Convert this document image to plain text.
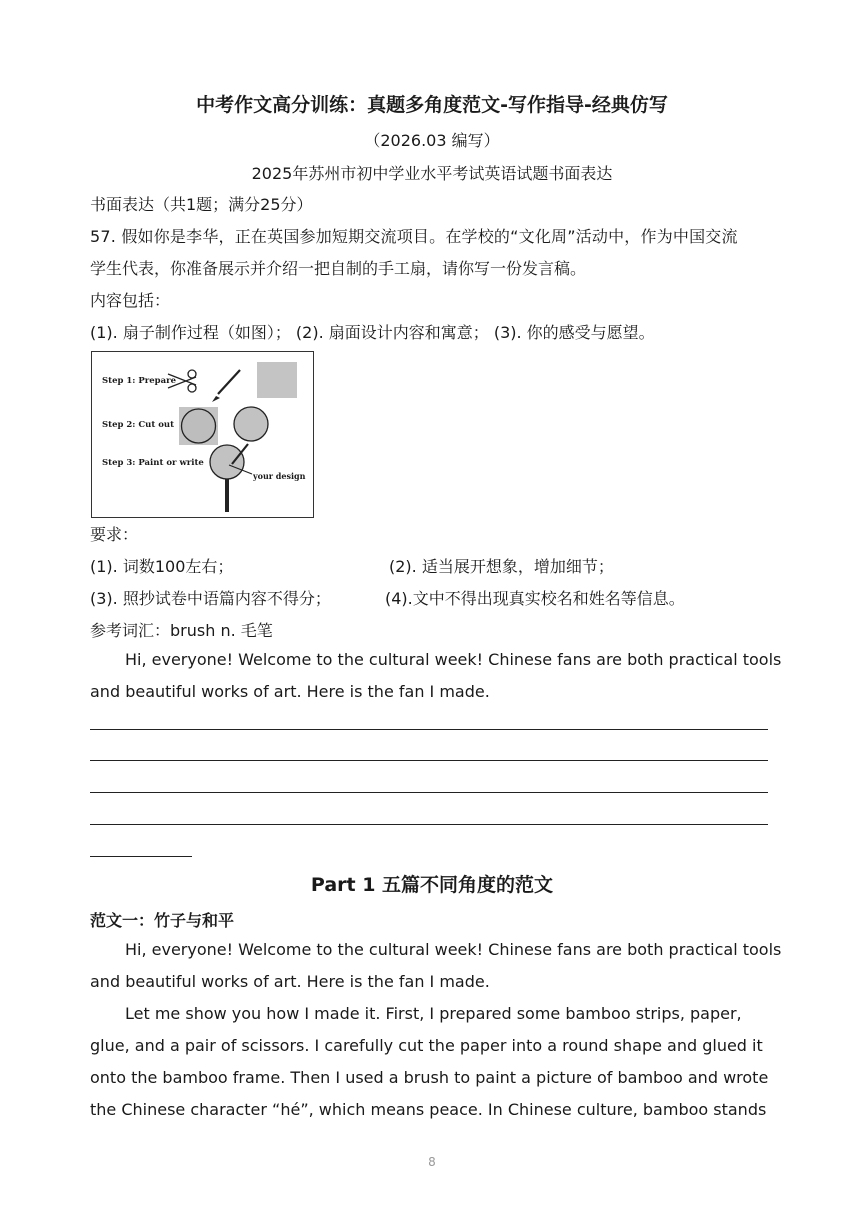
中考作文高分训练：真题多角度范文-写作指导-经典仿写
（2026.03 编写）
2025年苏州市初中学业水平考试英语试题书面表达
书面表达（共1题；满分25分）
57. 假如你是李华，正在英国参加短期交流项目。在学校的“文化周”活动中，作为中国交流
学生代表，你准备展示并介绍一把自制的手工扇，请你写一份发言稿。
内容包括：
(1). 扇子制作过程（如图）； (2). 扇面设计内容和寓意； (3). 你的感受与愿望。
Step 1: Prepare
Step 2: Cut out
Step 3: Paint or write
your design
要求：
(1). 词数100左右；	(2). 适当展开想象，增加细节；
(3). 照抄试卷中语篇内容不得分；	(4).文中不得出现真实校名和姓名等信息。
参考词汇：brush n. 毛笔
Hi, everyone! Welcome to the cultural week! Chinese fans are both practical tools
and beautiful works of art. Here is the fan I made.
Part 1 五篇不同角度的范文
范文一：竹子与和平
Hi, everyone! Welcome to the cultural week! Chinese fans are both practical tools
and beautiful works of art. Here is the fan I made.
Let me show you how I made it. First, I prepared some bamboo strips, paper,
glue, and a pair of scissors. I carefully cut the paper into a round shape and glued it
onto the bamboo frame. Then I used a brush to paint a picture of bamboo and wrote
the Chinese character “hé”, which means peace. In Chinese culture, bamboo stands
8
